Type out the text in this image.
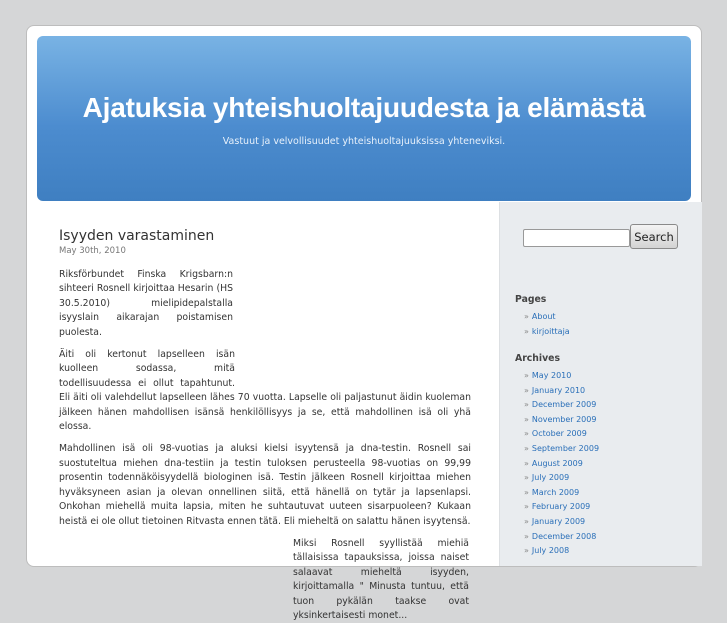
Ajatuksia yhteishuoltajuudesta ja elämästä
Vastuut ja velvollisuudet yhteishuoltajuuksissa yhteneviksi.
Isyyden varastaminen
May 30th, 2010

Riksförbundet Finska Krigsbarn:n sihteeri Rosnell kirjoittaa Hesarin (HS 30.5.2010) mielipidepalstalla isyyslain aikarajan poistamisen puolesta.

Äiti oli kertonut lapselleen isän kuolleen sodassa, mitä todellisuudessa ei ollut tapahtunut. Eli äiti oli valehdellut lapselleen lähes 70 vuotta. Lapselle oli paljastunut äidin kuoleman jälkeen hänen mahdollisen isänsä henkilöllisyys ja se, että mahdollinen isä oli yhä elossa.

Mahdollinen isä oli 98-vuotias ja aluksi kielsi isyytensä ja dna-testin. Rosnell sai suostuteltua miehen dna-testiin ja testin tuloksen perusteella 98-vuotias on 99,99 prosentin todennäköisyydellä biologinen isä. Testin jälkeen Rosnell kirjoittaa miehen hyväksyneen asian ja olevan onnellinen siitä, että hänellä on tytär ja lapsenlapsi. Onkohan miehellä muita lapsia, miten he suhtautuvat uuteen sisarpuoleen? Kukaan heistä ei ole ollut tietoinen Ritvasta ennen tätä. Eli mieheltä on salattu hänen isyytensä.

Miksi Rosnell syyllistää miehiä tällaisissa tapauksissa, joissa naiset salaavat mieheltä isyyden, kirjoittamalla " Minusta tuntuu, että tuon pykälän taakse ovat yksinkertaisesti monet...

Search
Pages
» About
» kirjoittaja
Archives
» May 2010
» January 2010
» December 2009
» November 2009
» October 2009
» September 2009
» August 2009
» July 2009
» March 2009
» February 2009
» January 2009
» December 2008
» July 2008
